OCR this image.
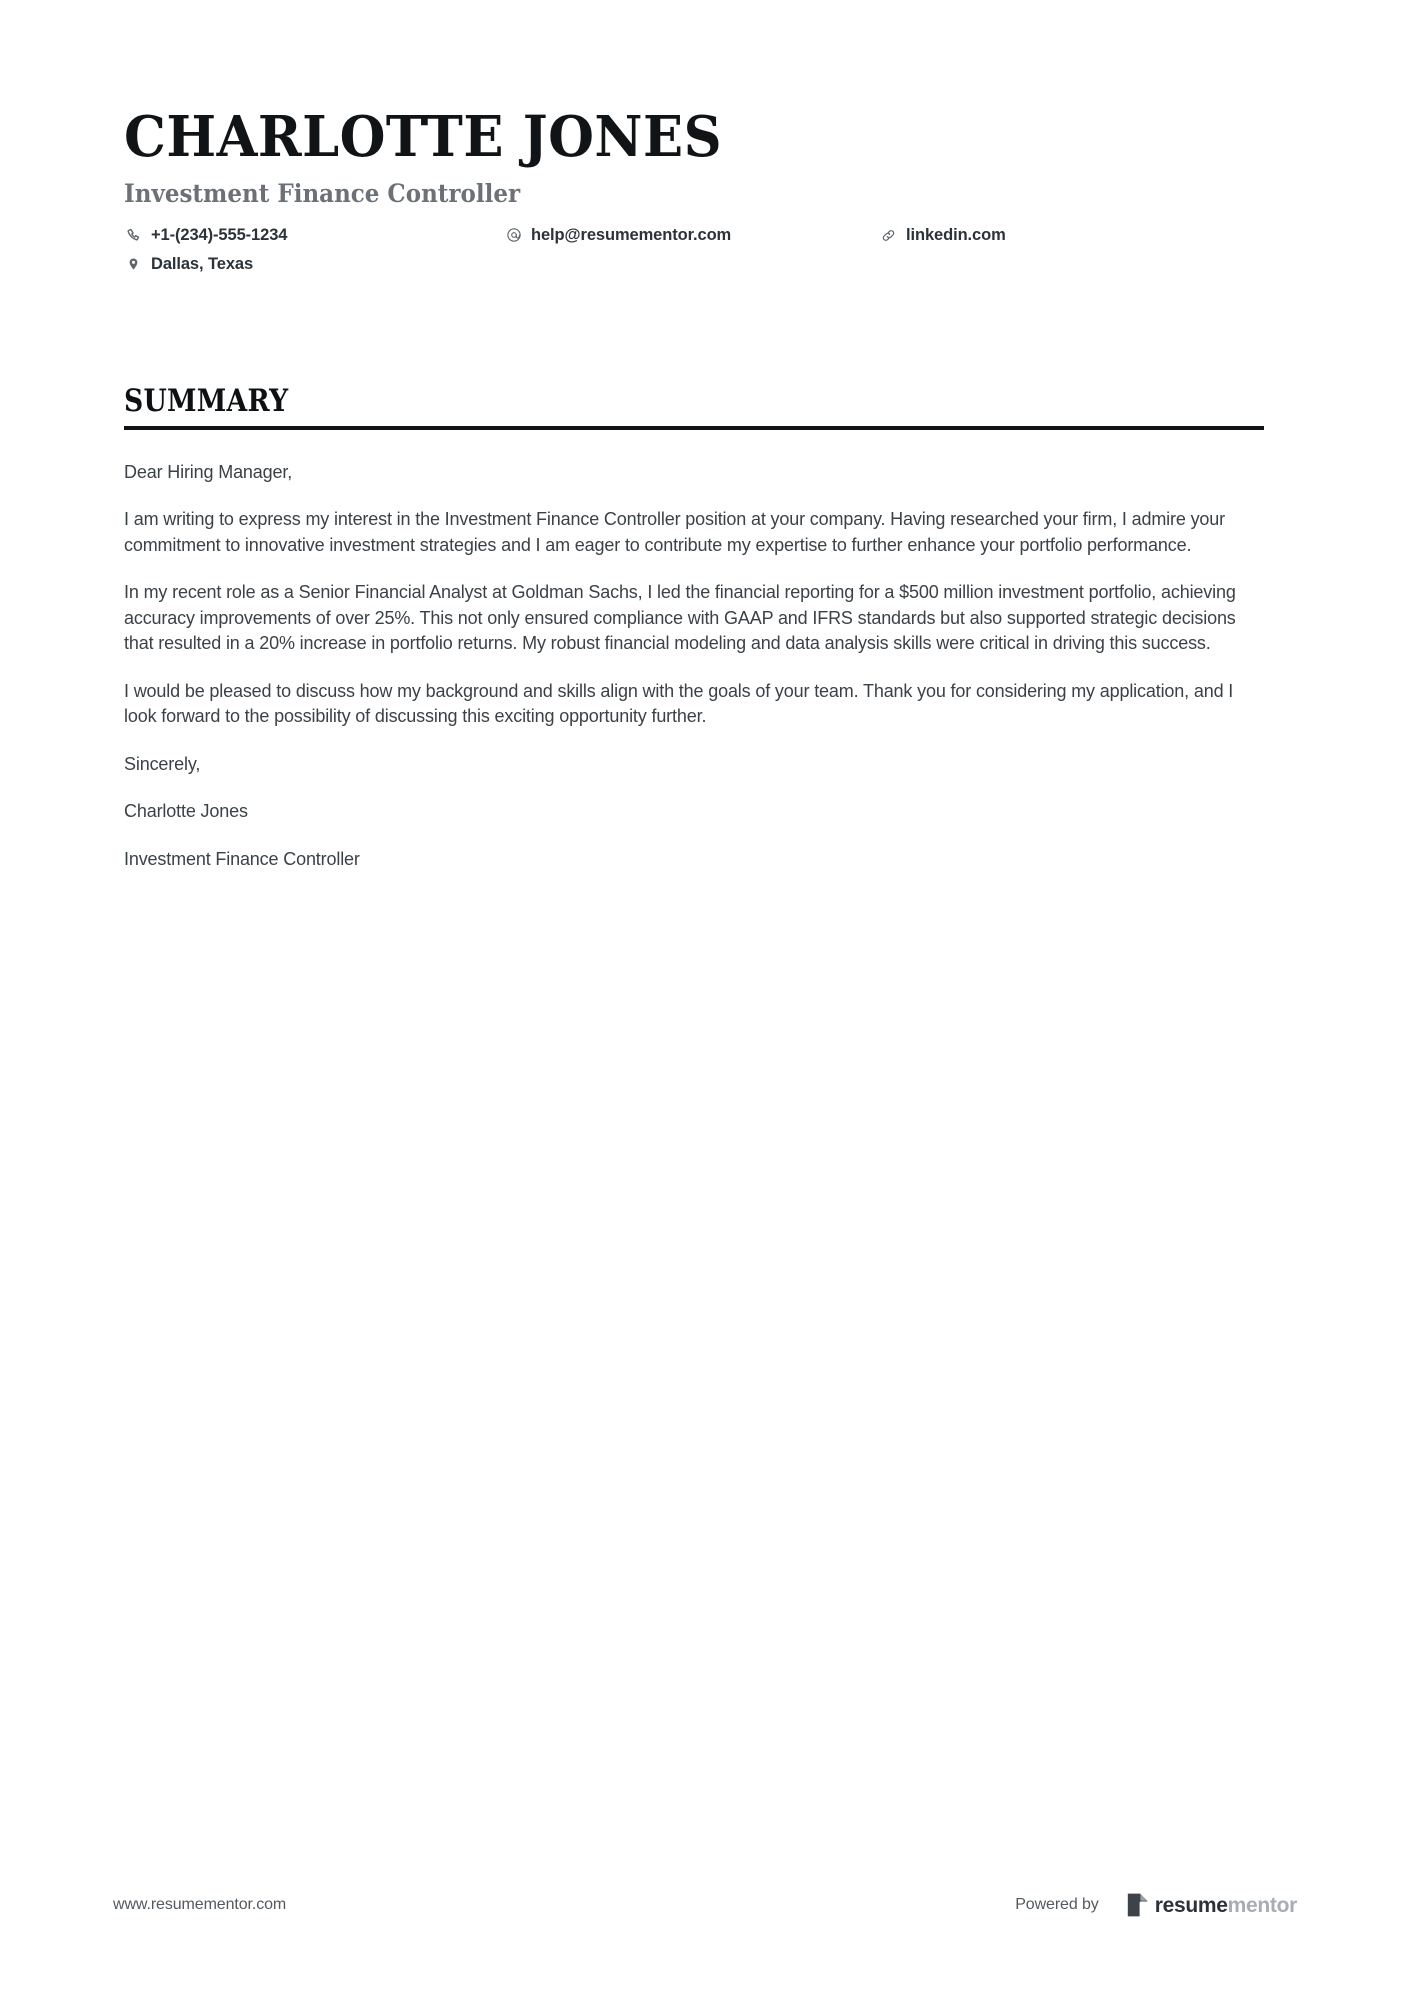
CHARLOTTE JONES
Investment Finance Controller
+1-(234)-555-1234	help@resumementor.com	linkedin.com
Dallas, Texas
SUMMARY

Dear Hiring Manager,

I am writing to express my interest in the Investment Finance Controller position at your company. Having researched your firm, I admire your commitment to innovative investment strategies and I am eager to contribute my expertise to further enhance your portfolio performance.

In my recent role as a Senior Financial Analyst at Goldman Sachs, I led the financial reporting for a $500 million investment portfolio, achieving accuracy improvements of over 25%. This not only ensured compliance with GAAP and IFRS standards but also supported strategic decisions that resulted in a 20% increase in portfolio returns. My robust financial modeling and data analysis skills were critical in driving this success.

I would be pleased to discuss how my background and skills align with the goals of your team. Thank you for considering my application, and I look forward to the possibility of discussing this exciting opportunity further.

Sincerely,

Charlotte Jones

Investment Finance Controller

www.resumementor.com	Powered by	resumementor
